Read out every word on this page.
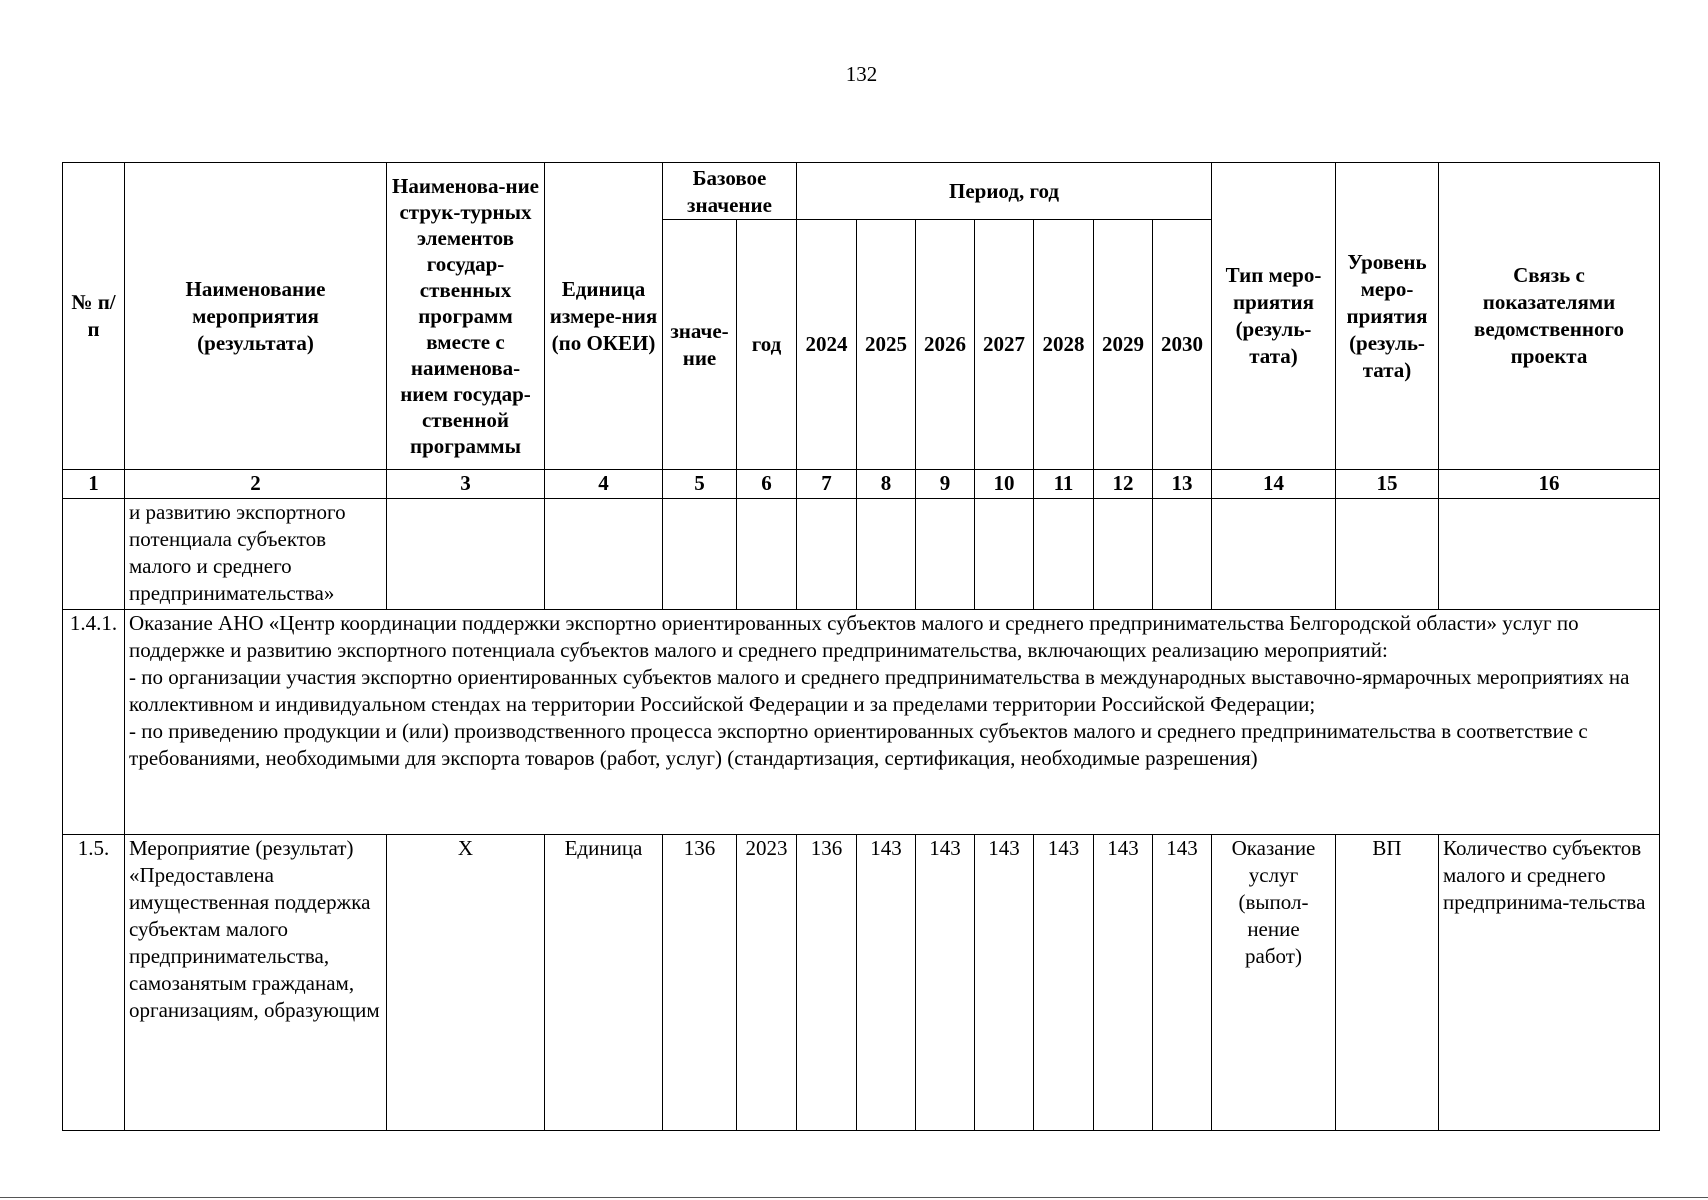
132
№ п/п	Наименование мероприятия (результата)	Наименова-ние струк-турных элементов государ-ственных программ вместе с наименова-нием государ-ственной программы	Единица измере-ния (по ОКЕИ)	Базовое значение		Период, год							Тип меро-приятия (резуль-тата)	Уровень меро-приятия (резуль-тата)	Связь с показателями ведомственного проекта

				значе-ние	год	2024	2025	2026	2027	2028	2029	2030			

1	2	3	4	5	6	7	8	9	10	11	12	13	14	15	16
	и развитию экспортного потенциала субъектов малого и среднего предпринимательства»														
1.4.1.	Оказание АНО «Центр координации поддержки экспортно ориентированных субъектов малого и среднего предпринимательства Белгородской области» услуг по поддержке и развитию экспортного потенциала субъектов малого и среднего предпринимательства, включающих реализацию мероприятий:
- по организации участия экспортно ориентированных субъектов малого и среднего предпринимательства в международных выставочно-ярмарочных мероприятиях на коллективном и индивидуальном стендах на территории Российской Федерации и за пределами территории Российской Федерации;
- по приведению продукции и (или) производственного процесса экспортно ориентированных субъектов малого и среднего предпринимательства в соответствие с требованиями, необходимыми для экспорта товаров (работ, услуг) (стандартизация, сертификация, необходимые разрешения)														

1.5.	Мероприятие (результат) «Предоставлена имущественная поддержка субъектам малого предпринимательства, самозанятым гражданам, организациям, образующим	Х	Единица	136	2023	136	143	143	143	143	143	143	Оказание услуг (выпол-нение работ)	ВП	Количество субъектов малого и среднего предпринима-тельства
